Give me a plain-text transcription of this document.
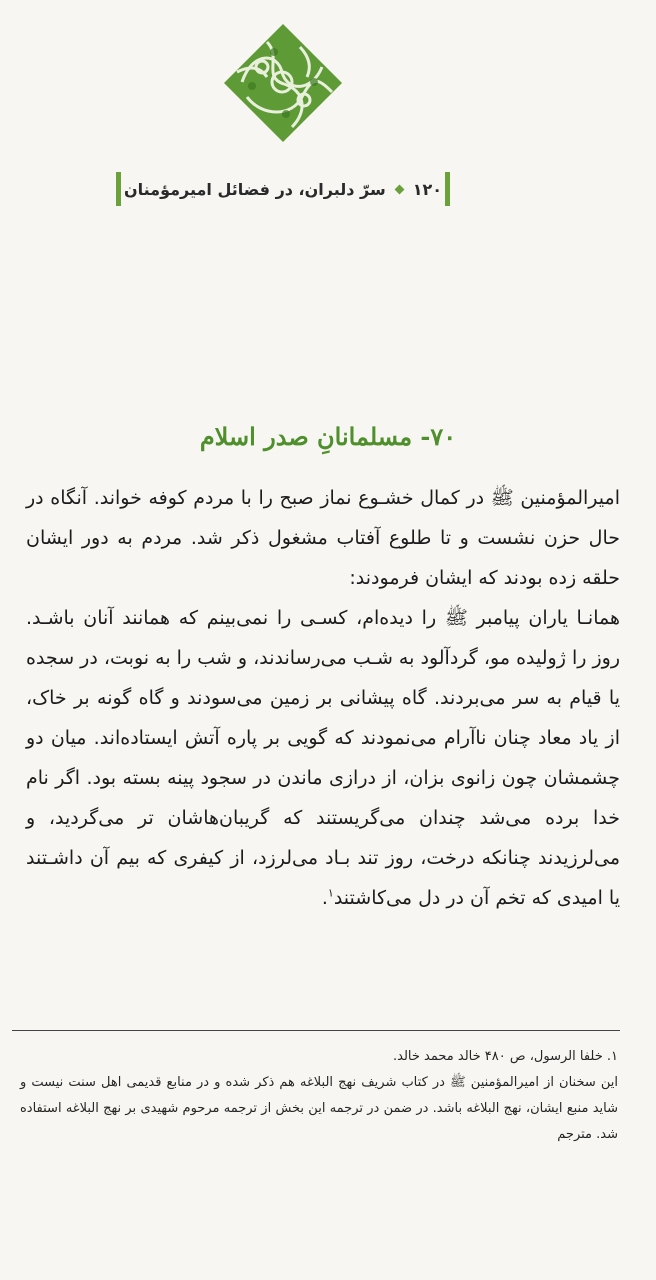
۱۲۰
سرّ دلبران، در فضائل امیرمؤمنان
۷۰- مسلمانانِ صدر اسلام

امیرالمؤمنین ﷺ در کمال خشـوع نماز صبح را با مردم کوفه خواند. آنگاه در حال حزن نشست و تا طلوع آفتاب مشغول ذکر شد. مردم به دور ایشان حلقه زده بودند که ایشان فرمودند:

همانـا یاران پیامبر ﷺ را دیده‌ام، کسـی را نمی‌بینم که همانند آنان باشـد. روز را ژولیده مو، گردآلود به شـب می‌رساندند، و شب را به نوبت، در سجده یا قیام به سر می‌بردند. گاه پیشانی بر زمین می‌سودند و گاه گونه بر خاک، از یاد معاد چنان ناآرام می‌نمودند که گویی بر پاره آتش ایستاده‌اند. میان دو چشمشان چون زانوی بزان، از درازی ماندن در سجود پینه بسته بود. اگر نام خدا برده می‌شد چندان می‌گریستند که گریبان‌هاشان تر می‌گردید، و می‌لرزیدند چنانکه درخت، روز تند بـاد می‌لرزد، از کیفری که بیم آن داشـتند یا امیدی که تخم آن در دل می‌کاشتند$^۱$.

۱. خلفا الرسول، ص ۴۸۰ خالد محمد خالد.

این سخنان از امیرالمؤمنین ﷺ در کتاب شریف نهج البلاغه هم ذکر شده و در منابع قدیمی اهل سنت نیست و شاید منبع ایشان، نهج البلاغه باشد. در ضمن در ترجمه این بخش از ترجمه مرحوم شهیدی بر نهج البلاغه استفاده شد. مترجم
